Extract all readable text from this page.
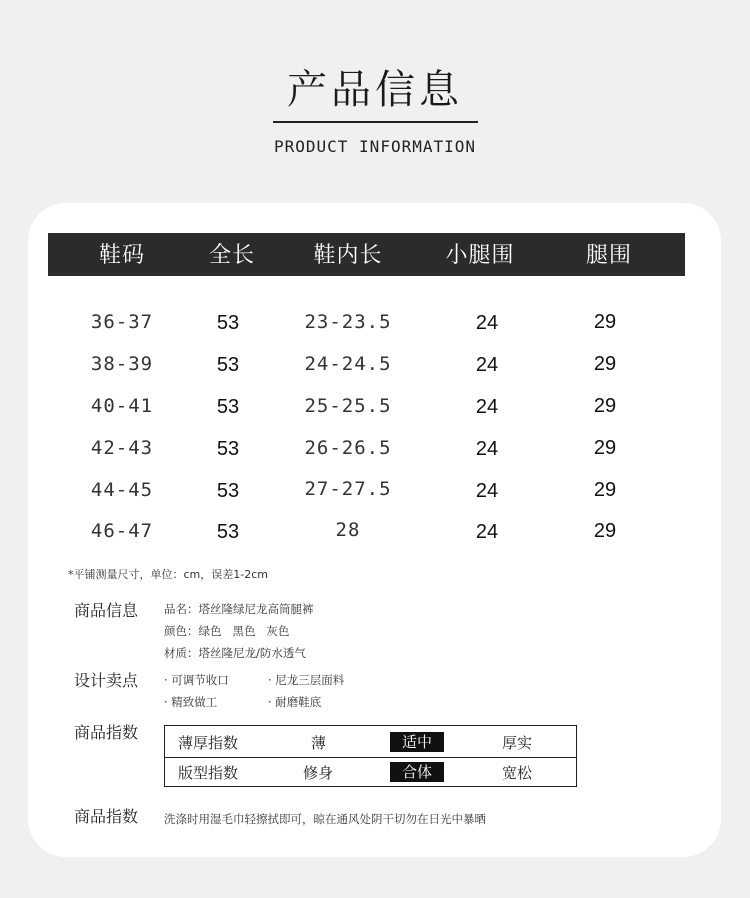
产品信息
PRODUCT INFORMATION
鞋码	全长	鞋内长	小腿围	腿围
36-37	53	23-23.5	24	29
38-39	53	24-24.5	24	29
40-41	53	25-25.5	24	29
42-43	53	26-26.5	24	29
44-45	53	27-27.5	24	29
46-47	53	28	24	29
*平铺测量尺寸，单位：cm，误差1-2cm
商品信息 品名：塔丝隆绿尼龙高筒腿裤
颜色：绿色   黑色   灰色
材质：塔丝隆尼龙/防水透气
设计卖点 · 可调节收口	· 尼龙三层面料
· 精致做工	· 耐磨鞋底
商品指数
薄厚指数	薄	适中	厚实
版型指数	修身	合体	宽松
商品指数 洗涤时用湿毛巾轻擦拭即可，晾在通风处阴干切勿在日光中暴晒
